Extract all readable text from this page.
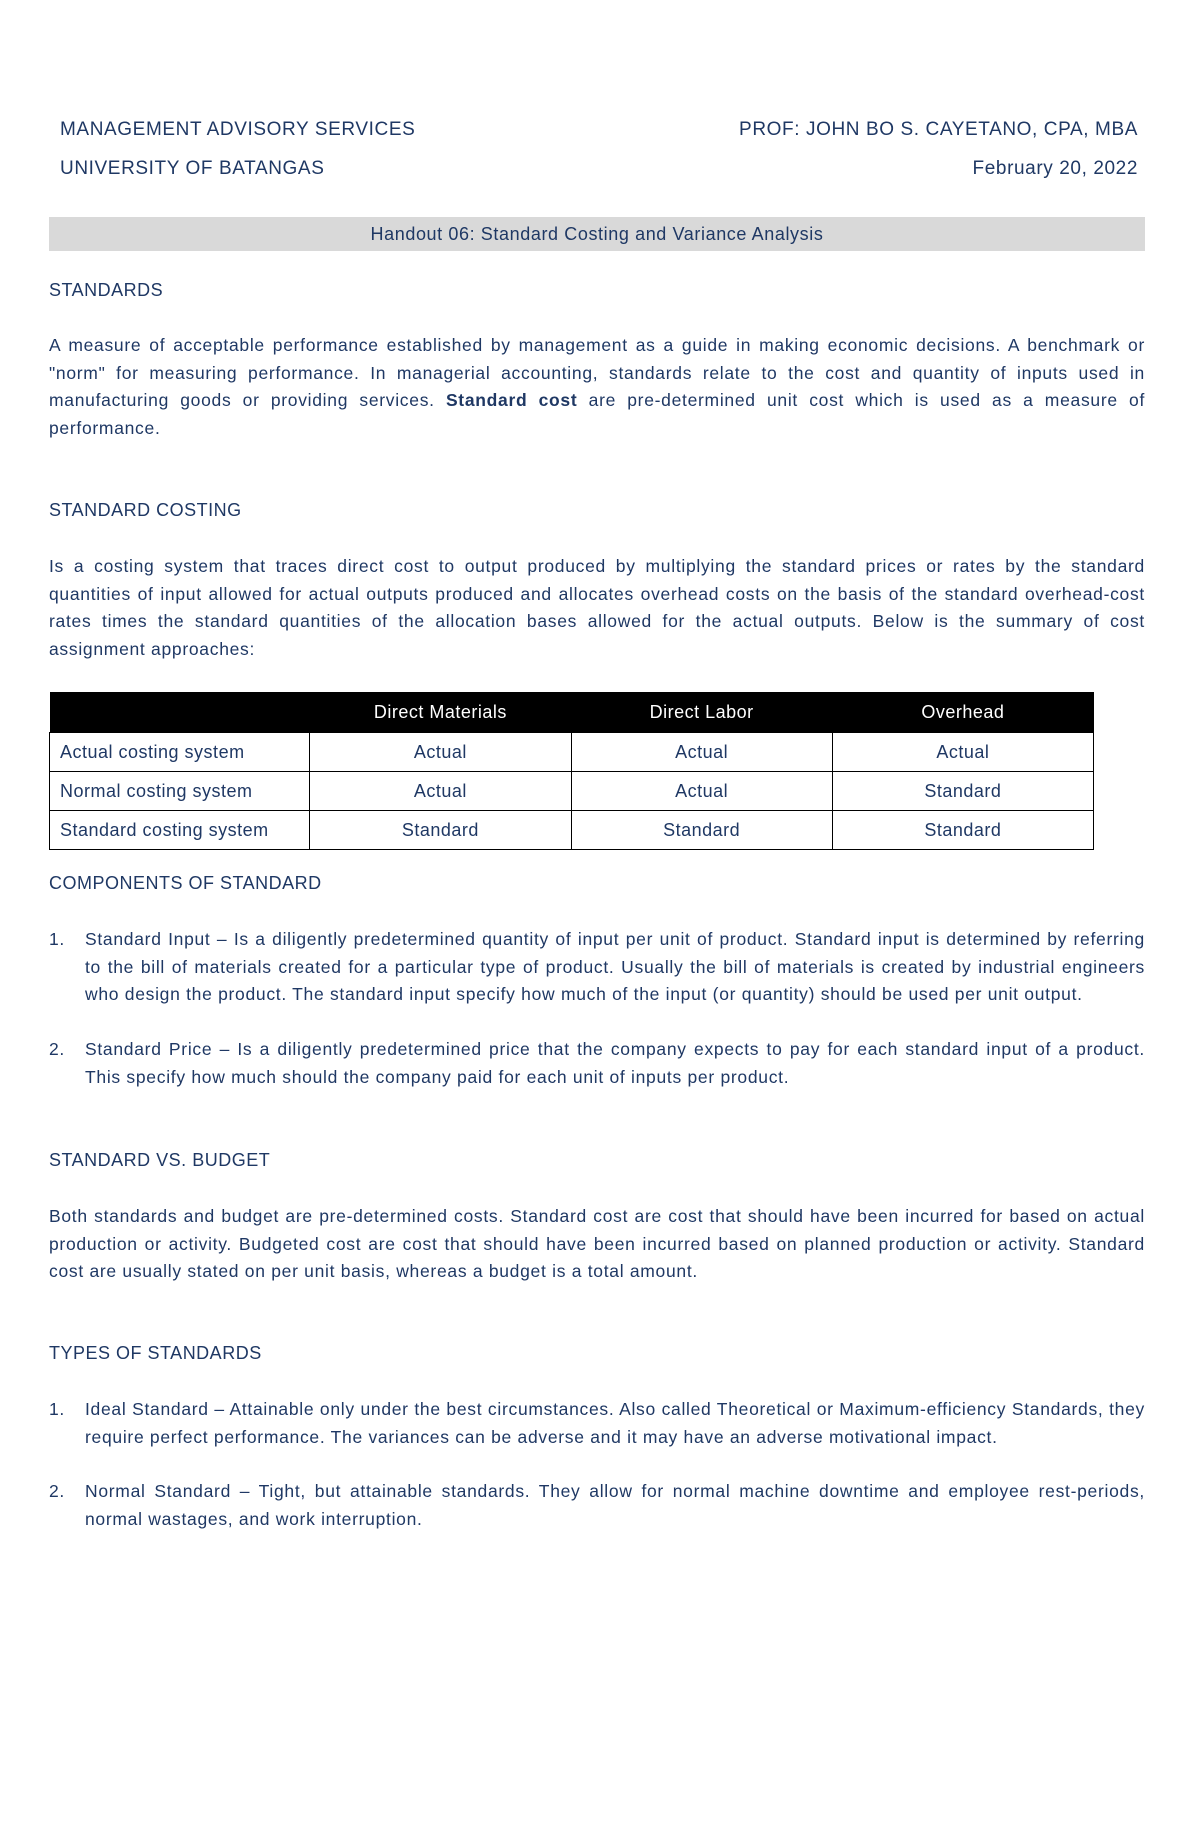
MANAGEMENT ADVISORY SERVICES
UNIVERSITY OF BATANGAS
PROF: JOHN BO S. CAYETANO, CPA, MBA
February 20, 2022
Handout 06: Standard Costing and Variance Analysis
STANDARDS
A measure of acceptable performance established by management as a guide in making economic decisions. A benchmark or "norm" for measuring performance. In managerial accounting, standards relate to the cost and quantity of inputs used in manufacturing goods or providing services. Standard cost are pre-determined unit cost which is used as a measure of performance.
STANDARD COSTING
Is a costing system that traces direct cost to output produced by multiplying the standard prices or rates by the standard quantities of input allowed for actual outputs produced and allocates overhead costs on the basis of the standard overhead-cost rates times the standard quantities of the allocation bases allowed for the actual outputs. Below is the summary of cost assignment approaches:
	Direct Materials	Direct Labor	Overhead
Actual costing system	Actual	Actual	Actual
Normal costing system	Actual	Actual	Standard
Standard costing system	Standard	Standard	Standard
COMPONENTS OF STANDARD
1. Standard Input – Is a diligently predetermined quantity of input per unit of product. Standard input is determined by referring to the bill of materials created for a particular type of product. Usually the bill of materials is created by industrial engineers who design the product. The standard input specify how much of the input (or quantity) should be used per unit output.
2. Standard Price – Is a diligently predetermined price that the company expects to pay for each standard input of a product. This specify how much should the company paid for each unit of inputs per product.
STANDARD VS. BUDGET
Both standards and budget are pre-determined costs. Standard cost are cost that should have been incurred for based on actual production or activity. Budgeted cost are cost that should have been incurred based on planned production or activity. Standard cost are usually stated on per unit basis, whereas a budget is a total amount.
TYPES OF STANDARDS
1. Ideal Standard – Attainable only under the best circumstances. Also called Theoretical or Maximum-efficiency Standards, they require perfect performance. The variances can be adverse and it may have an adverse motivational impact.
2. Normal Standard – Tight, but attainable standards. They allow for normal machine downtime and employee rest-periods, normal wastages, and work interruption.
